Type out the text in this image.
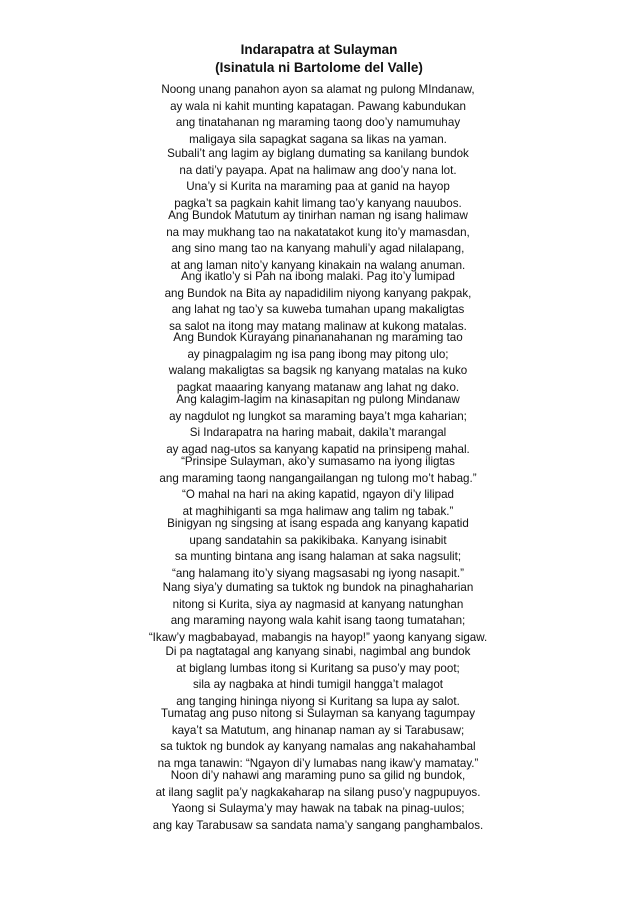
Indarapatra at Sulayman
(Isinatula ni Bartolome del Valle)
Noong unang panahon ayon sa alamat ng pulong MIndanaw,
ay wala ni kahit munting kapatagan. Pawang kabundukan
ang tinatahanan ng maraming taong doo’y namumuhay
maligaya sila sapagkat sagana sa likas na yaman.
Subali’t ang lagim ay biglang dumating sa kanilang bundok
na dati’y payapa. Apat na halimaw ang doo’y nana lot.
Una’y si Kurita na maraming paa at ganid na hayop
pagka’t sa pagkain kahit limang tao’y kanyang nauubos.
Ang Bundok Matutum ay tinirhan naman ng isang halimaw
na may mukhang tao na nakatatakot kung ito’y mamasdan,
ang sino mang tao na kanyang mahuli’y agad nilalapang,
at ang laman nito’y kanyang kinakain na walang anuman.
Ang ikatlo’y si Pah na ibong malaki. Pag ito’y lumipad
ang Bundok na Bita ay napadidilim niyong kanyang pakpak,
ang lahat ng tao’y sa kuweba tumahan upang makaligtas
sa salot na itong may matang malinaw at kukong matalas.
Ang Bundok Kurayang pinananahanan ng maraming tao
ay pinagpalagim ng isa pang ibong may pitong ulo;
walang makaligtas sa bagsik ng kanyang matalas na kuko
pagkat maaaring kanyang matanaw ang lahat ng dako.
Ang kalagim-lagim na kinasapitan ng pulong Mindanaw
ay nagdulot ng lungkot sa maraming baya’t mga kaharian;
Si Indarapatra na haring mabait, dakila’t marangal
ay agad nag-utos sa kanyang kapatid na prinsipeng mahal.
“Prinsipe Sulayman, ako’y sumasamo na iyong iligtas
ang maraming taong nangangailangan ng tulong mo’t habag.”
“O mahal na hari na aking kapatid, ngayon di’y lilipad
at maghihiganti sa mga halimaw ang talim ng tabak.”
Binigyan ng singsing at isang espada ang kanyang kapatid
upang sandatahin sa pakikibaka. Kanyang isinabit
sa munting bintana ang isang halaman at saka nagsulit;
“ang halamang ito’y siyang magsasabi ng iyong nasapit.”
Nang siya’y dumating sa tuktok ng bundok na pinaghaharian
nitong si Kurita, siya ay nagmasid at kanyang natunghan
ang maraming nayong wala kahit isang taong tumatahan;
“Ikaw’y magbabayad, mabangis na hayop!” yaong kanyang sigaw.
Di pa nagtatagal ang kanyang sinabi, nagimbal ang bundok
at biglang lumbas itong si Kuritang sa puso’y may poot;
sila ay nagbaka at hindi tumigil hangga’t malagot
ang tanging hininga niyong si Kuritang sa lupa ay salot.
Tumatag ang puso nitong si Sulayman sa kanyang tagumpay
kaya’t sa Matutum, ang hinanap naman ay si Tarabusaw;
sa tuktok ng bundok ay kanyang namalas ang nakahahambal
na mga tanawin: “Ngayon di’y lumabas nang ikaw’y mamatay.”
Noon di’y nahawi ang maraming puno sa gilid ng bundok,
at ilang saglit pa’y nagkakaharap na silang puso’y nagpupuyos.
Yaong si Sulayma’y may hawak na tabak na pinag-uulos;
ang kay Tarabusaw sa sandata nama’y sangang panghambalos.
